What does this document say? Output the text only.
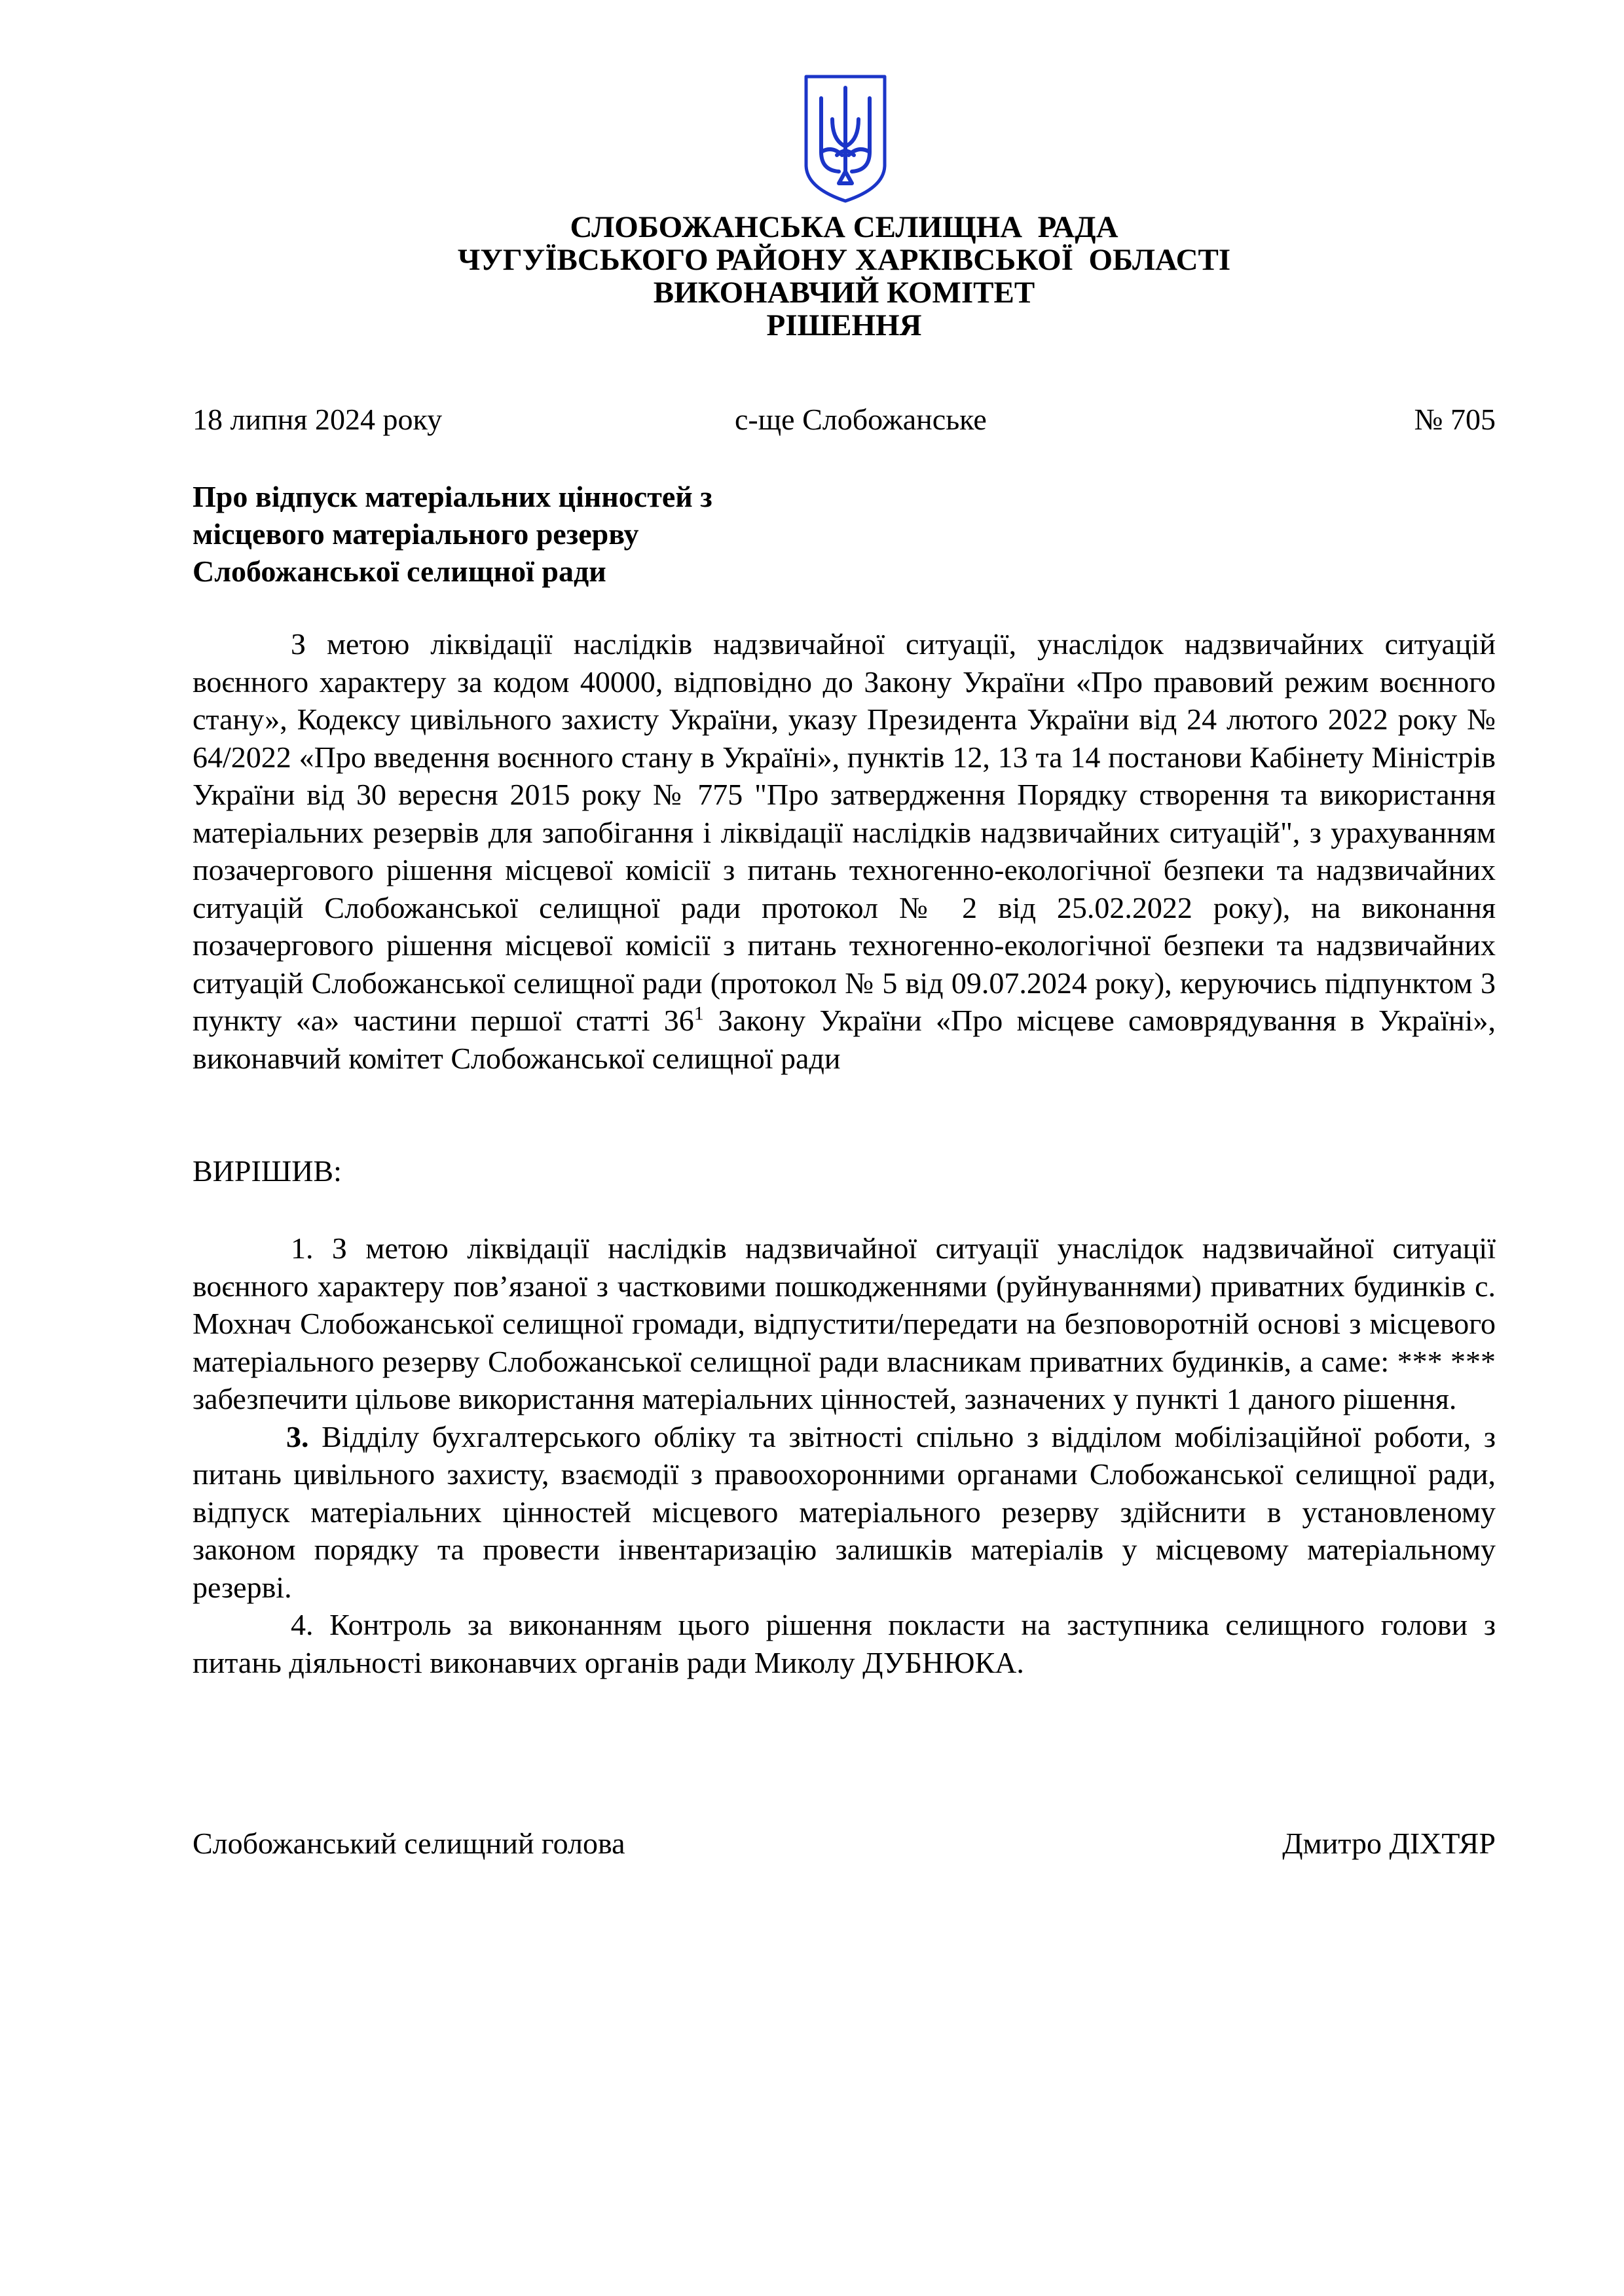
СЛОБОЖАНСЬКА СЕЛИЩНА  РАДА
ЧУГУЇВСЬКОГО РАЙОНУ ХАРКІВСЬКОЇ  ОБЛАСТІ
ВИКОНАВЧИЙ КОМІТЕТ
РІШЕННЯ
18 липня 2024 року	с-ще Слобожанське	№ 705
Про відпуск матеріальних цінностей з
місцевого матеріального резерву
Слобожанської селищної ради
З метою ліквідації наслідків надзвичайної ситуації, унаслідок надзвичайних ситуацій воєнного характеру за кодом 40000, відповідно до Закону України «Про правовий режим воєнного стану», Кодексу цивільного захисту України, указу Президента України від 24 лютого 2022 року № 64/2022 «Про введення воєнного стану в Україні», пунктів 12, 13 та 14 постанови Кабінету Міністрів України від 30 вересня 2015 року № 775 "Про затвердження Порядку створення та використання матеріальних резервів для запобігання і ліквідації наслідків надзвичайних ситуацій", з урахуванням позачергового рішення місцевої комісії з питань техногенно-екологічної безпеки та надзвичайних ситуацій Слобожанської селищної ради протокол № 2 від 25.02.2022 року), на виконання позачергового рішення місцевої комісії з питань техногенно-екологічної безпеки та надзвичайних ситуацій Слобожанської селищної ради (протокол № 5 від 09.07.2024 року), керуючись підпунктом 3 пункту «а» частини першої статті $36^1$ Закону України «Про місцеве самоврядування в Україні», виконавчий комітет Слобожанської селищної ради
ВИРІШИВ:

1. З метою ліквідації наслідків надзвичайної ситуації унаслідок надзвичайної ситуації воєнного характеру пов’язаної з частковими пошкодженнями (руйнуваннями) приватних будинків с. Мохнач Слобожанської селищної громади, відпустити/передати на безповоротній основі з місцевого матеріального резерву Слобожанської селищної ради власникам приватних будинків, а саме: *** *** забезпечити цільове використання матеріальних цінностей, зазначених у пункті 1 даного рішення.

3. Відділу бухгалтерського обліку та звітності спільно з відділом мобілізаційної роботи, з питань цивільного захисту, взаємодії з правоохоронними органами Слобожанської селищної ради, відпуск матеріальних цінностей місцевого матеріального резерву здійснити в установленому законом порядку та провести інвентаризацію залишків матеріалів у місцевому матеріальному резерві.

4. Контроль за виконанням цього рішення покласти на заступника селищного голови з питань діяльності виконавчих органів ради Миколу ДУБНЮКА.

Слобожанський селищний голова	Дмитро ДІХТЯР
